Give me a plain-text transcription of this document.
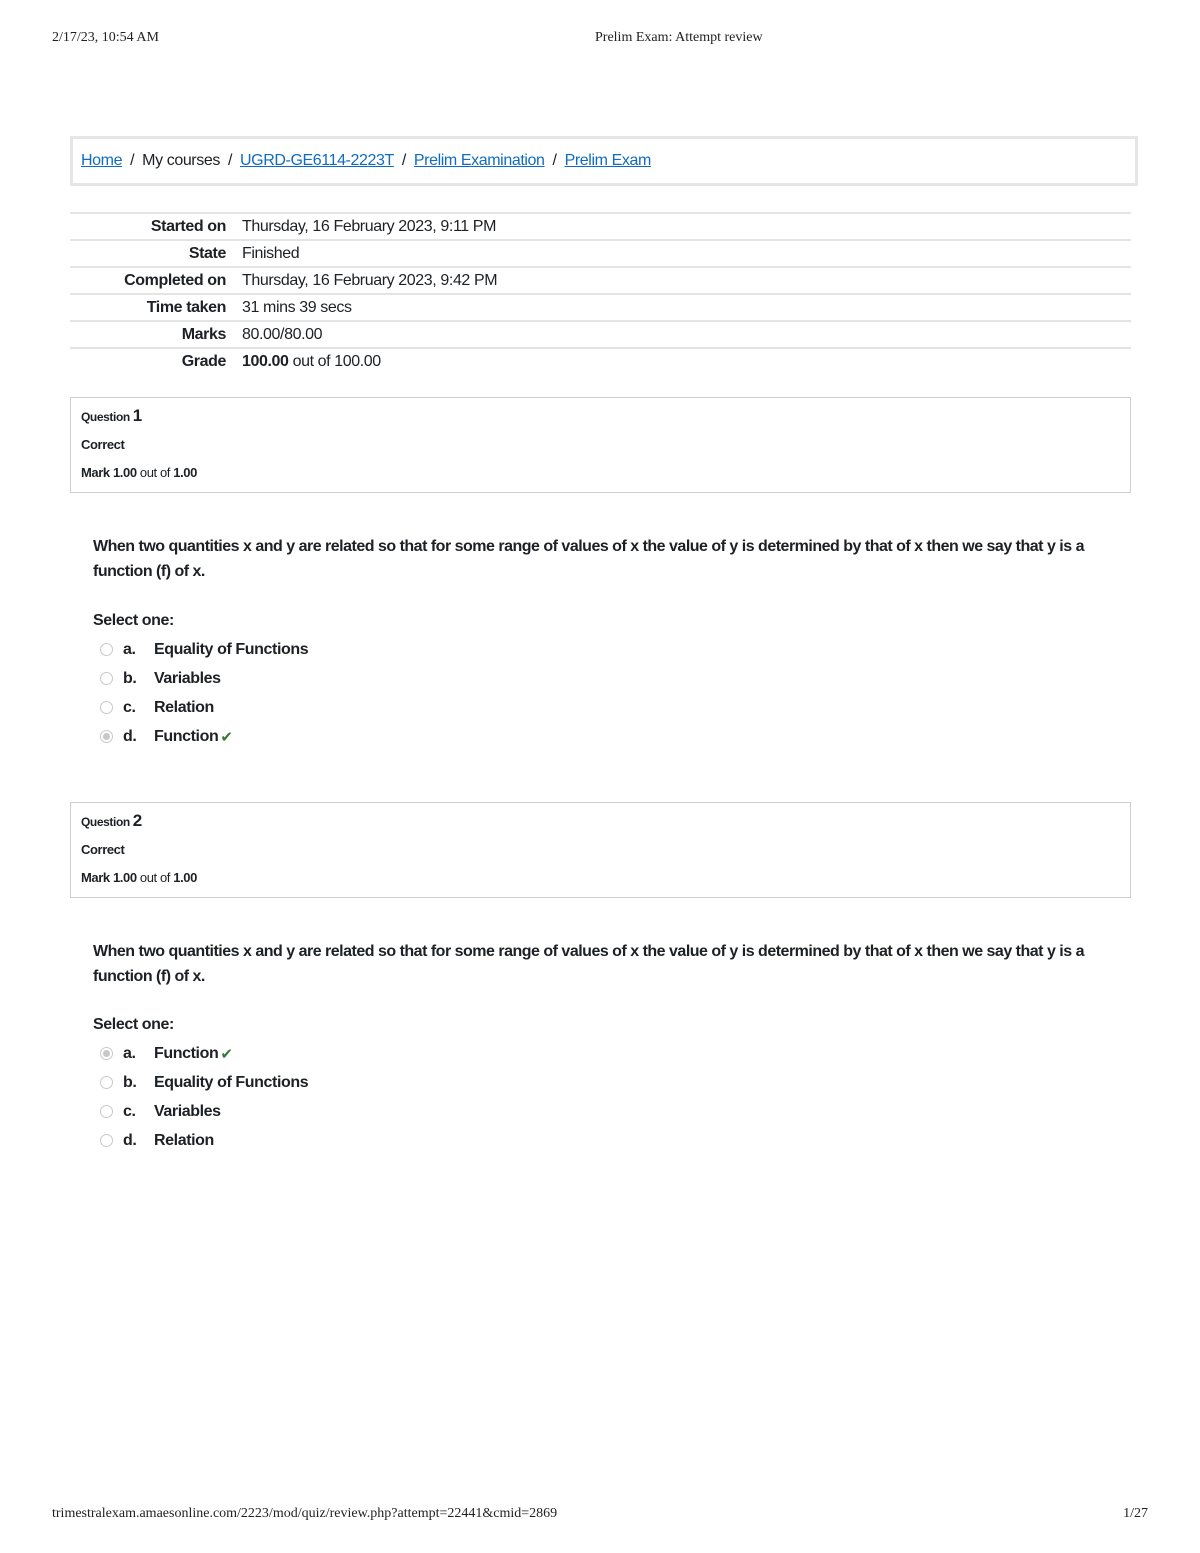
2/17/23, 10:54 AM	Prelim Exam: Attempt review
Home / My courses / UGRD-GE6114-2223T / Prelim Examination / Prelim Exam
Started on	Thursday, 16 February 2023, 9:11 PM
State	Finished
Completed on	Thursday, 16 February 2023, 9:42 PM
Time taken	31 mins 39 secs
Marks	80.00/80.00
Grade	100.00 out of 100.00
Question 1
Correct
Mark 1.00 out of 1.00
When two quantities x and y are related so that for some range of values of x the value of y is determined by that of x then we say that y is a function (f) of x.
Select one:
a.	Equality of Functions
b.	Variables
c.	Relation
d.	Function ✔
Question 2
Correct
Mark 1.00 out of 1.00
When two quantities x and y are related so that for some range of values of x the value of y is determined by that of x then we say that y is a function (f) of x.
Select one:
a.	Function ✔
b.	Equality of Functions
c.	Variables
d.	Relation
trimestralexam.amaesonline.com/2223/mod/quiz/review.php?attempt=22441&cmid=2869	1/27
